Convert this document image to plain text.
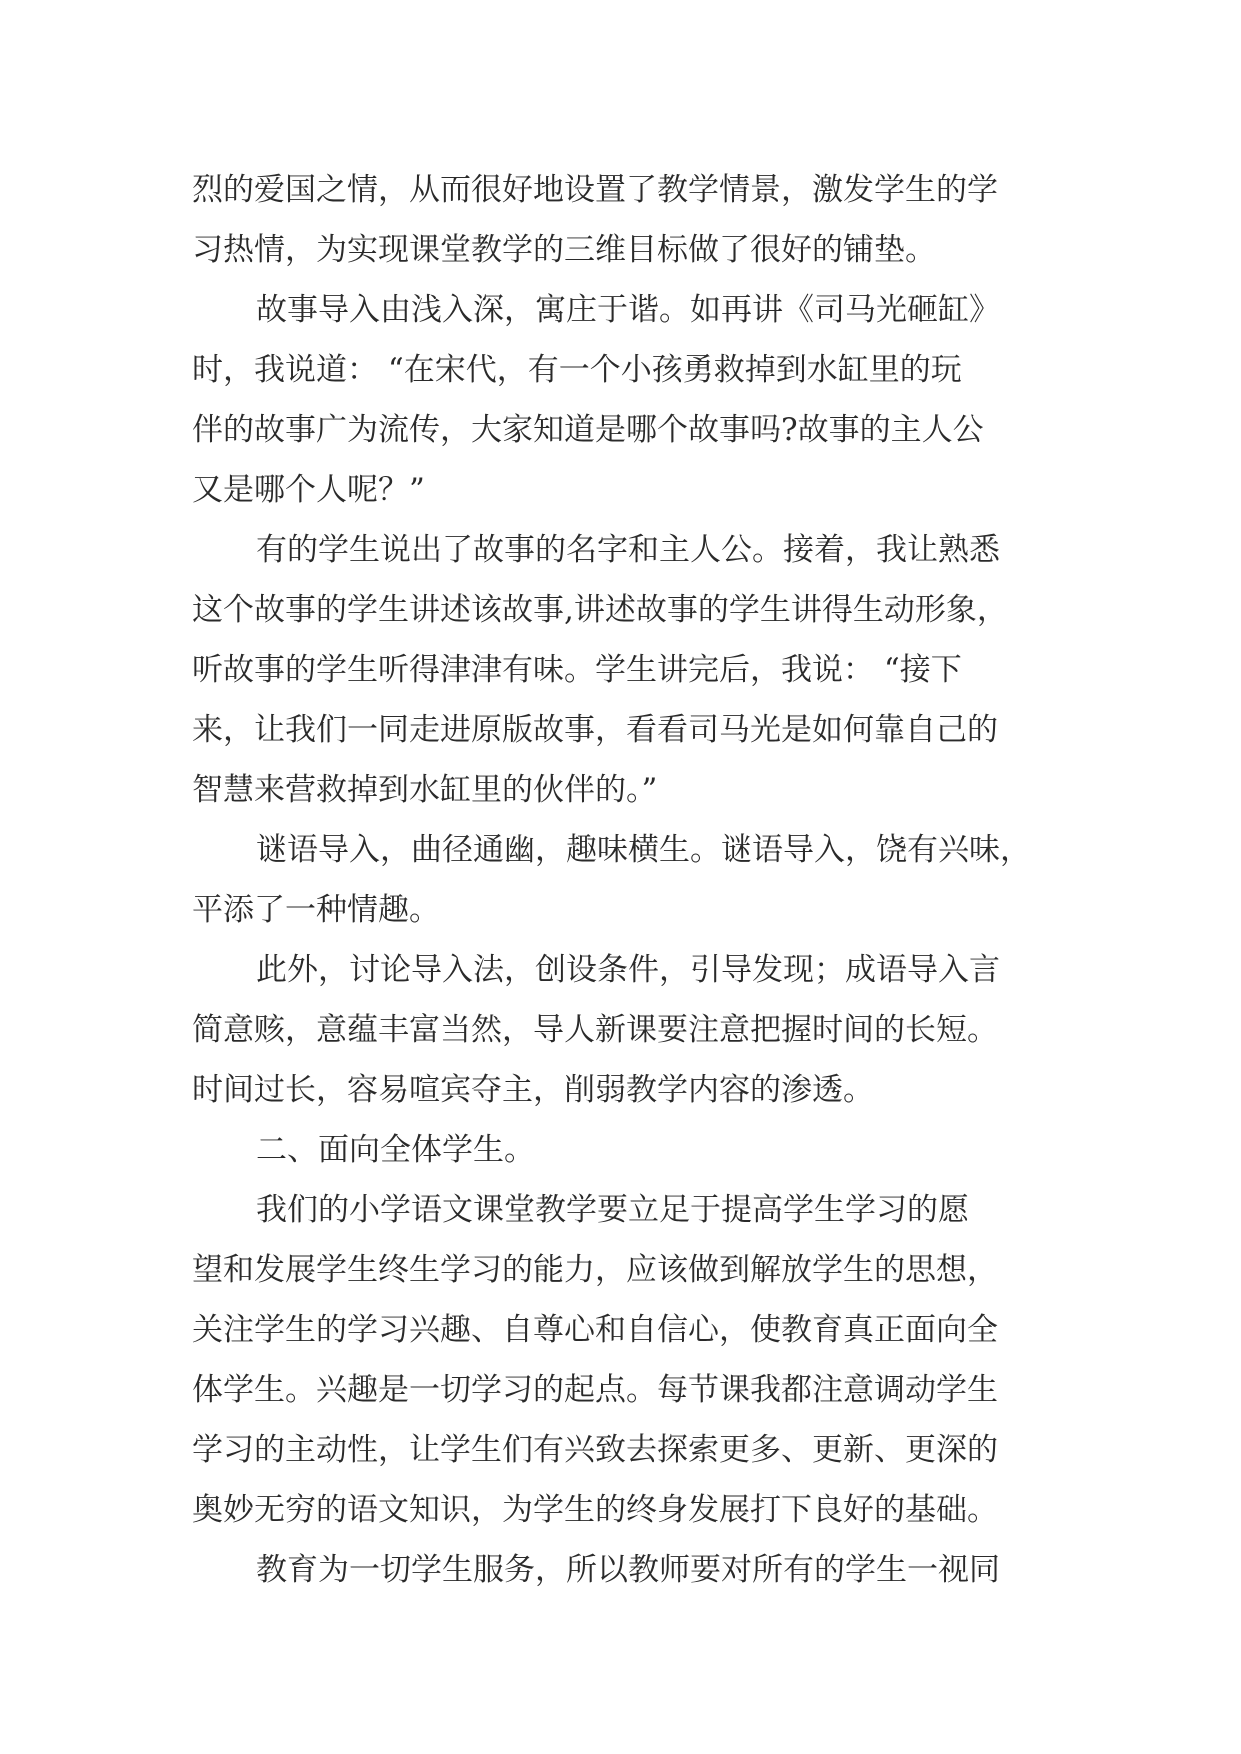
烈的爱国之情，从而很好地设置了教学情景，激发学生的学
习热情，为实现课堂教学的三维目标做了很好的铺垫。
故事导入由浅入深，寓庄于谐。如再讲《司马光砸缸》
时，我说道： “在宋代，有一个小孩勇救掉到水缸里的玩
伴的故事广为流传，大家知道是哪个故事吗?故事的主人公
又是哪个人呢？”
有的学生说出了故事的名字和主人公。接着，我让熟悉
这个故事的学生讲述该故事,讲述故事的学生讲得生动形象，
听故事的学生听得津津有味。学生讲完后，我说： “接下
来，让我们一同走进原版故事，看看司马光是如何靠自己的
智慧来营救掉到水缸里的伙伴的。”
谜语导入，曲径通幽，趣味横生。谜语导入，饶有兴味，
平添了一种情趣。
此外，讨论导入法，创设条件，引导发现；成语导入言
简意赅，意蕴丰富当然，导人新课要注意把握时间的长短。
时间过长，容易喧宾夺主，削弱教学内容的渗透。
二、面向全体学生。
我们的小学语文课堂教学要立足于提高学生学习的愿
望和发展学生终生学习的能力，应该做到解放学生的思想，
关注学生的学习兴趣、自尊心和自信心，使教育真正面向全
体学生。兴趣是一切学习的起点。每节课我都注意调动学生
学习的主动性，让学生们有兴致去探索更多、更新、更深的
奥妙无穷的语文知识，为学生的终身发展打下良好的基础。
教育为一切学生服务，所以教师要对所有的学生一视同
